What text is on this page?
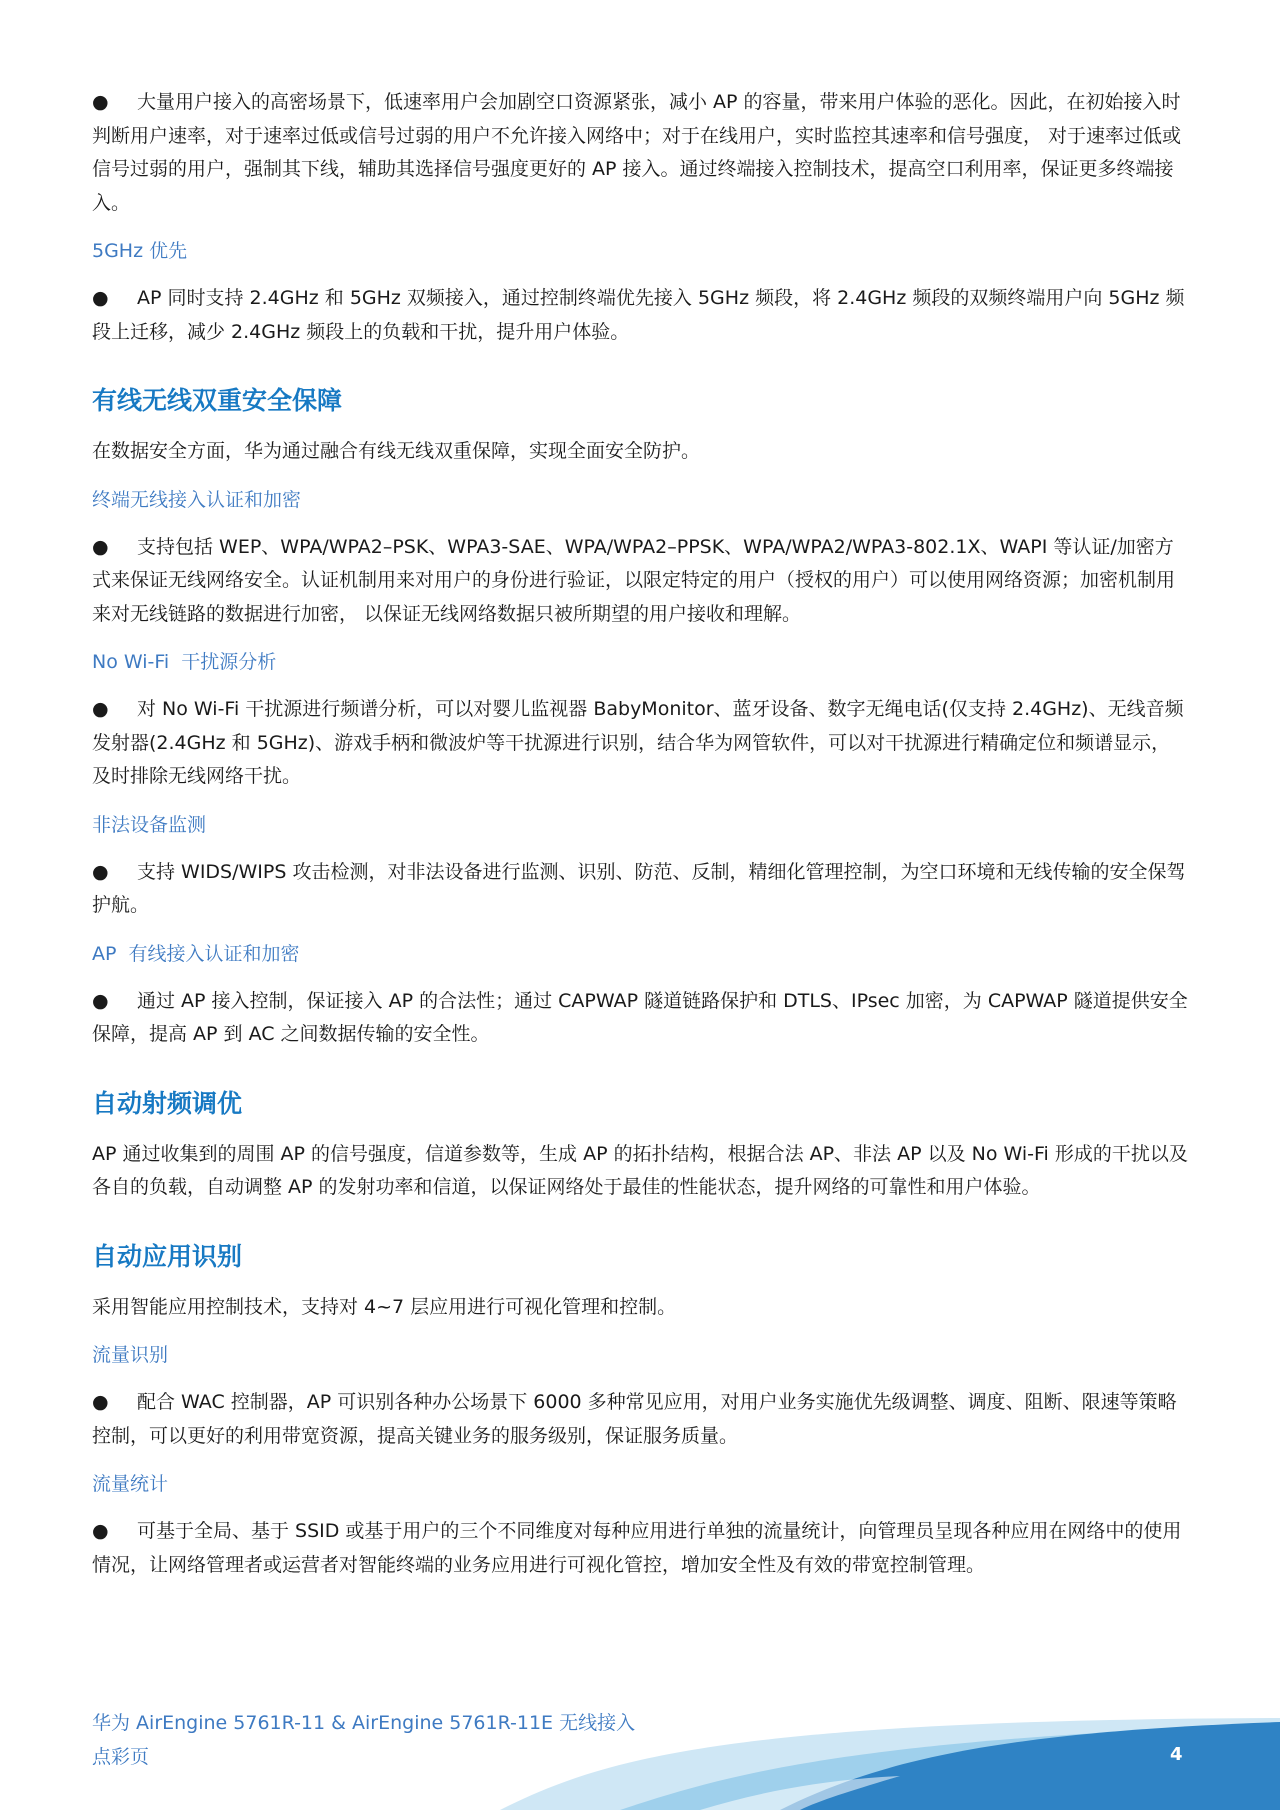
● 大量用户接入的高密场景下，低速率用户会加剧空口资源紧张，减小 AP 的容量，带来用户体验的恶化。因此，在初始接入时判断用户速率，对于速率过低或信号过弱的用户不允许接入网络中；对于在线用户，实时监控其速率和信号强度， 对于速率过低或信号过弱的用户，强制其下线，辅助其选择信号强度更好的 AP 接入。通过终端接入控制技术，提高空口利用率，保证更多终端接入。

5GHz 优先

● AP 同时支持 2.4GHz 和 5GHz 双频接入，通过控制终端优先接入 5GHz 频段，将 2.4GHz 频段的双频终端用户向 5GHz 频段上迁移，减少 2.4GHz 频段上的负载和干扰，提升用户体验。

有线无线双重安全保障

在数据安全方面，华为通过融合有线无线双重保障，实现全面安全防护。

终端无线接入认证和加密

● 支持包括 WEP、WPA/WPA2–PSK、WPA3-SAE、WPA/WPA2–PPSK、WPA/WPA2/WPA3-802.1X、WAPI 等认证/加密方式来保证无线网络安全。认证机制用来对用户的身份进行验证，以限定特定的用户（授权的用户）可以使用网络资源；加密机制用来对无线链路的数据进行加密， 以保证无线网络数据只被所期望的用户接收和理解。

No Wi-Fi  干扰源分析

● 对 No Wi-Fi 干扰源进行频谱分析，可以对婴儿监视器 BabyMonitor、蓝牙设备、数字无绳电话(仅支持 2.4GHz)、无线音频发射器(2.4GHz 和 5GHz)、游戏手柄和微波炉等干扰源进行识别，结合华为网管软件，可以对干扰源进行精确定位和频谱显示，及时排除无线网络干扰。

非法设备监测

● 支持 WIDS/WIPS 攻击检测，对非法设备进行监测、识别、防范、反制，精细化管理控制，为空口环境和无线传输的安全保驾护航。

AP  有线接入认证和加密

● 通过 AP 接入控制，保证接入 AP 的合法性；通过 CAPWAP 隧道链路保护和 DTLS、IPsec 加密，为 CAPWAP 隧道提供安全保障，提高 AP 到 AC 之间数据传输的安全性。

自动射频调优

AP 通过收集到的周围 AP 的信号强度，信道参数等，生成 AP 的拓扑结构，根据合法 AP、非法 AP 以及 No Wi-Fi 形成的干扰以及各自的负载，自动调整 AP 的发射功率和信道，以保证网络处于最佳的性能状态，提升网络的可靠性和用户体验。

自动应用识别

采用智能应用控制技术，支持对 4~7 层应用进行可视化管理和控制。

流量识别

● 配合 WAC 控制器，AP 可识别各种办公场景下 6000 多种常见应用，对用户业务实施优先级调整、调度、阻断、限速等策略控制，可以更好的利用带宽资源，提高关键业务的服务级别，保证服务质量。

流量统计

● 可基于全局、基于 SSID 或基于用户的三个不同维度对每种应用进行单独的流量统计，向管理员呈现各种应用在网络中的使用情况，让网络管理者或运营者对智能终端的业务应用进行可视化管控，增加安全性及有效的带宽控制管理。

华为 AirEngine 5761R-11 & AirEngine 5761R-11E 无线接入点彩页	4
